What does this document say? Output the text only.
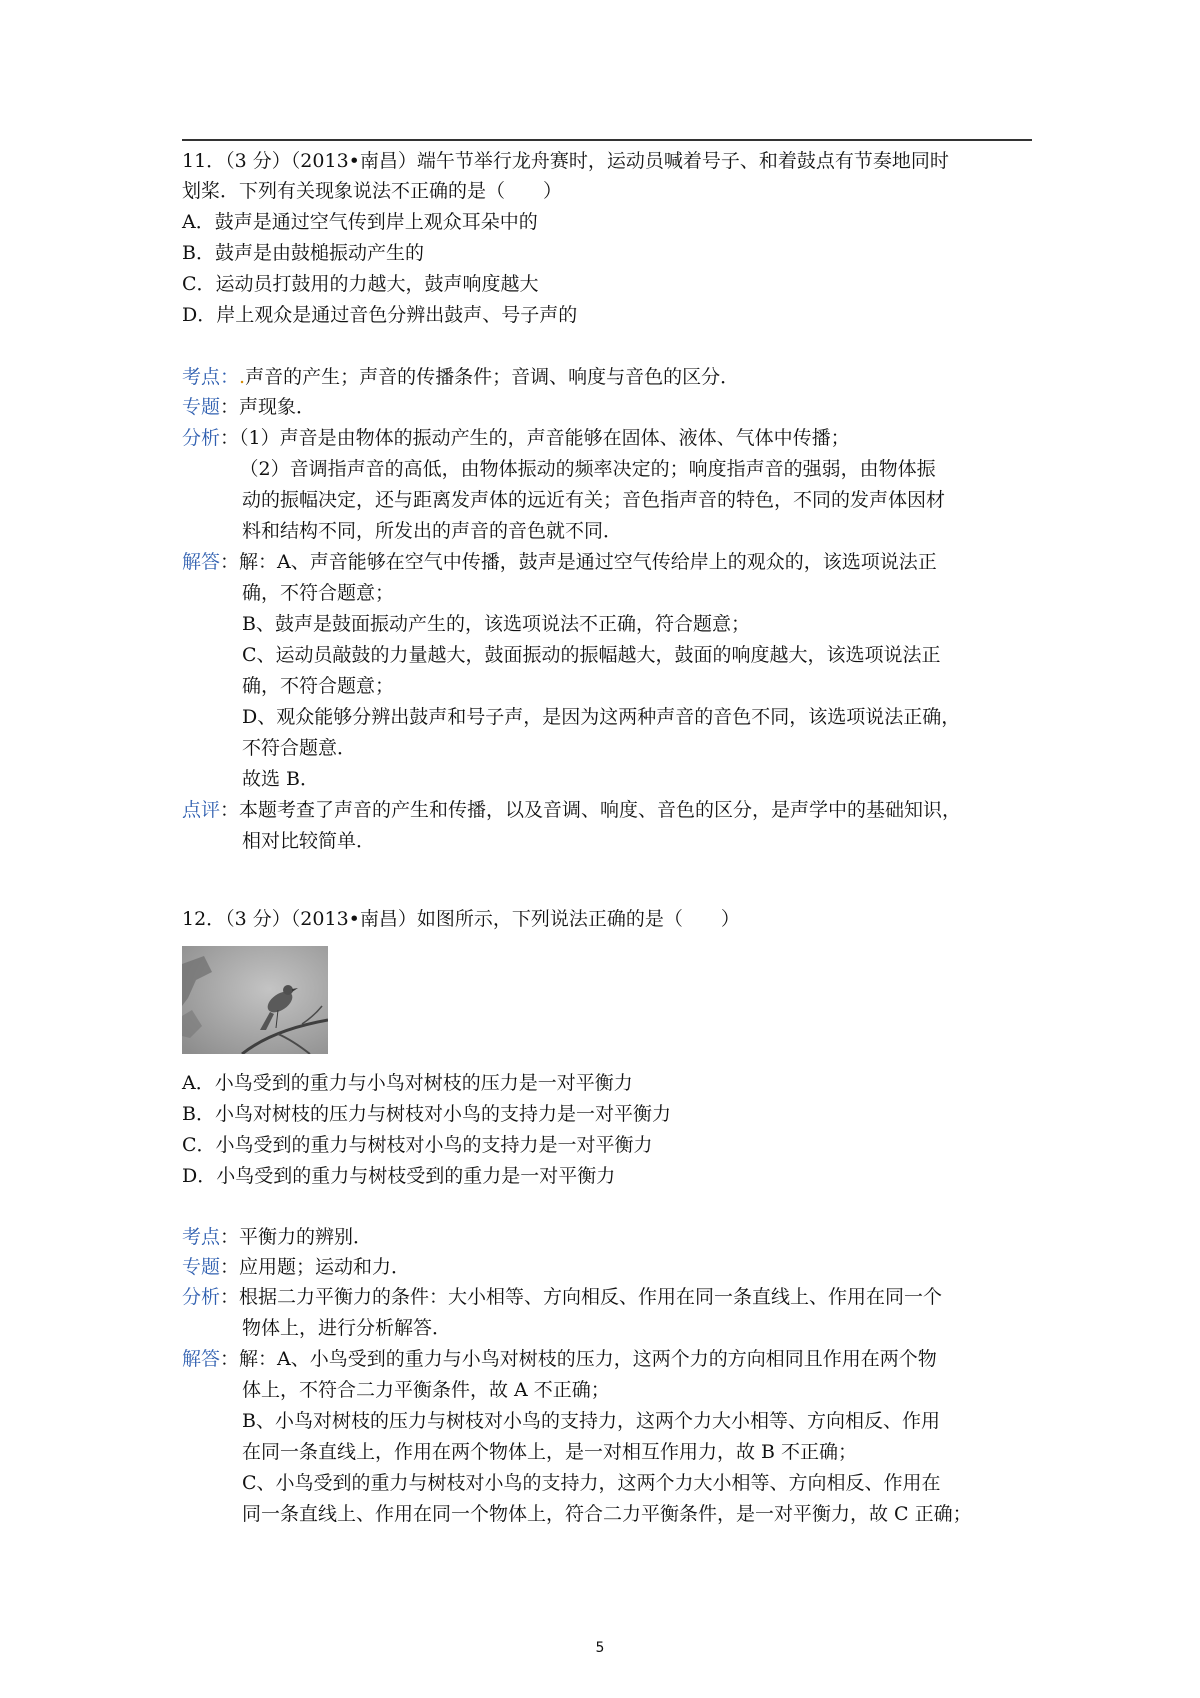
11．（3 分）（2013•南昌）端午节举行龙舟赛时，运动员喊着号子、和着鼓点有节奏地同时
划桨．下列有关现象说法不正确的是（　　）
A．鼓声是通过空气传到岸上观众耳朵中的
B．鼓声是由鼓槌振动产生的
C．运动员打鼓用的力越大，鼓声响度越大
D．岸上观众是通过音色分辨出鼓声、号子声的
考点：.声音的产生；声音的传播条件；音调、响度与音色的区分．
专题：声现象．
分析：（1）声音是由物体的振动产生的，声音能够在固体、液体、气体中传播；
　（2）音调指声音的高低，由物体振动的频率决定的；响度指声音的强弱，由物体振
动的振幅决定，还与距离发声体的远近有关；音色指声音的特色，不同的发声体因材
料和结构不同，所发出的声音的音色就不同．
解答：解：A、声音能够在空气中传播，鼓声是通过空气传给岸上的观众的，该选项说法正
确，不符合题意；
B、鼓声是鼓面振动产生的，该选项说法不正确，符合题意；
C、运动员敲鼓的力量越大，鼓面振动的振幅越大，鼓面的响度越大，该选项说法正
确，不符合题意；
D、观众能够分辨出鼓声和号子声，是因为这两种声音的音色不同，该选项说法正确，
不符合题意．
故选 B．
点评：本题考查了声音的产生和传播，以及音调、响度、音色的区分，是声学中的基础知识，
相对比较简单．
12．（3 分）（2013•南昌）如图所示，下列说法正确的是（　　）
A．小鸟受到的重力与小鸟对树枝的压力是一对平衡力
B．小鸟对树枝的压力与树枝对小鸟的支持力是一对平衡力
C．小鸟受到的重力与树枝对小鸟的支持力是一对平衡力
D．小鸟受到的重力与树枝受到的重力是一对平衡力
考点：平衡力的辨别．
专题：应用题；运动和力．
分析：根据二力平衡力的条件：大小相等、方向相反、作用在同一条直线上、作用在同一个
物体上，进行分析解答．
解答：解：A、小鸟受到的重力与小鸟对树枝的压力，这两个力的方向相同且作用在两个物
体上，不符合二力平衡条件，故 A 不正确；
B、小鸟对树枝的压力与树枝对小鸟的支持力，这两个力大小相等、方向相反、作用
在同一条直线上，作用在两个物体上，是一对相互作用力，故 B 不正确；
C、小鸟受到的重力与树枝对小鸟的支持力，这两个力大小相等、方向相反、作用在
同一条直线上、作用在同一个物体上，符合二力平衡条件，是一对平衡力，故 C 正确；
5
